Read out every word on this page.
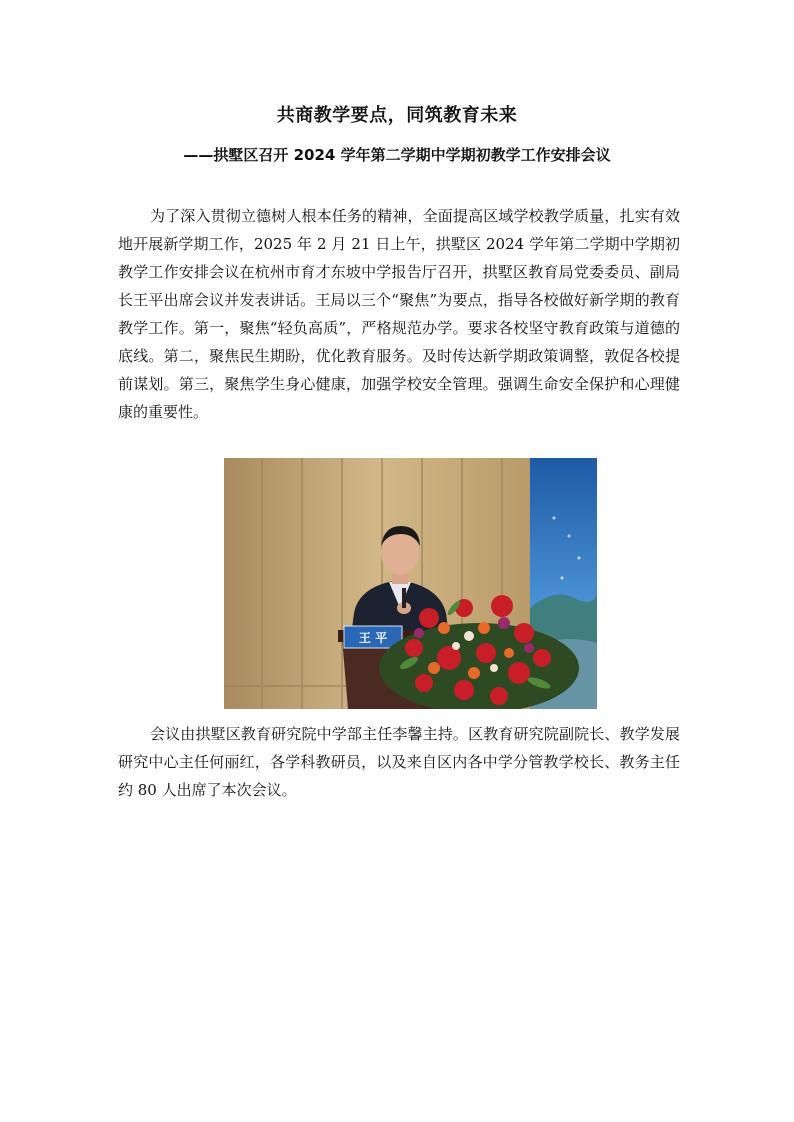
共商教学要点，同筑教育未来
——拱墅区召开 2024 学年第二学期中学期初教学工作安排会议

为了深入贯彻立德树人根本任务的精神，全面提高区域学校教学质量，扎实有效地开展新学期工作，2025 年 2 月 21 日上午，拱墅区 2024 学年第二学期中学期初教学工作安排会议在杭州市育才东坡中学报告厅召开，拱墅区教育局党委委员、副局长王平出席会议并发表讲话。王局以三个“聚焦”为要点，指导各校做好新学期的教育教学工作。第一，聚焦“轻负高质”，严格规范办学。要求各校坚守教育政策与道德的底线。第二，聚焦民生期盼，优化教育服务。及时传达新学期政策调整，敦促各校提前谋划。第三，聚焦学生身心健康，加强学校安全管理。强调生命安全保护和心理健康的重要性。

王 平

会议由拱墅区教育研究院中学部主任李馨主持。区教育研究院副院长、教学发展研究中心主任何丽红，各学科教研员，以及来自区内各中学分管教学校长、教务主任约 80 人出席了本次会议。
